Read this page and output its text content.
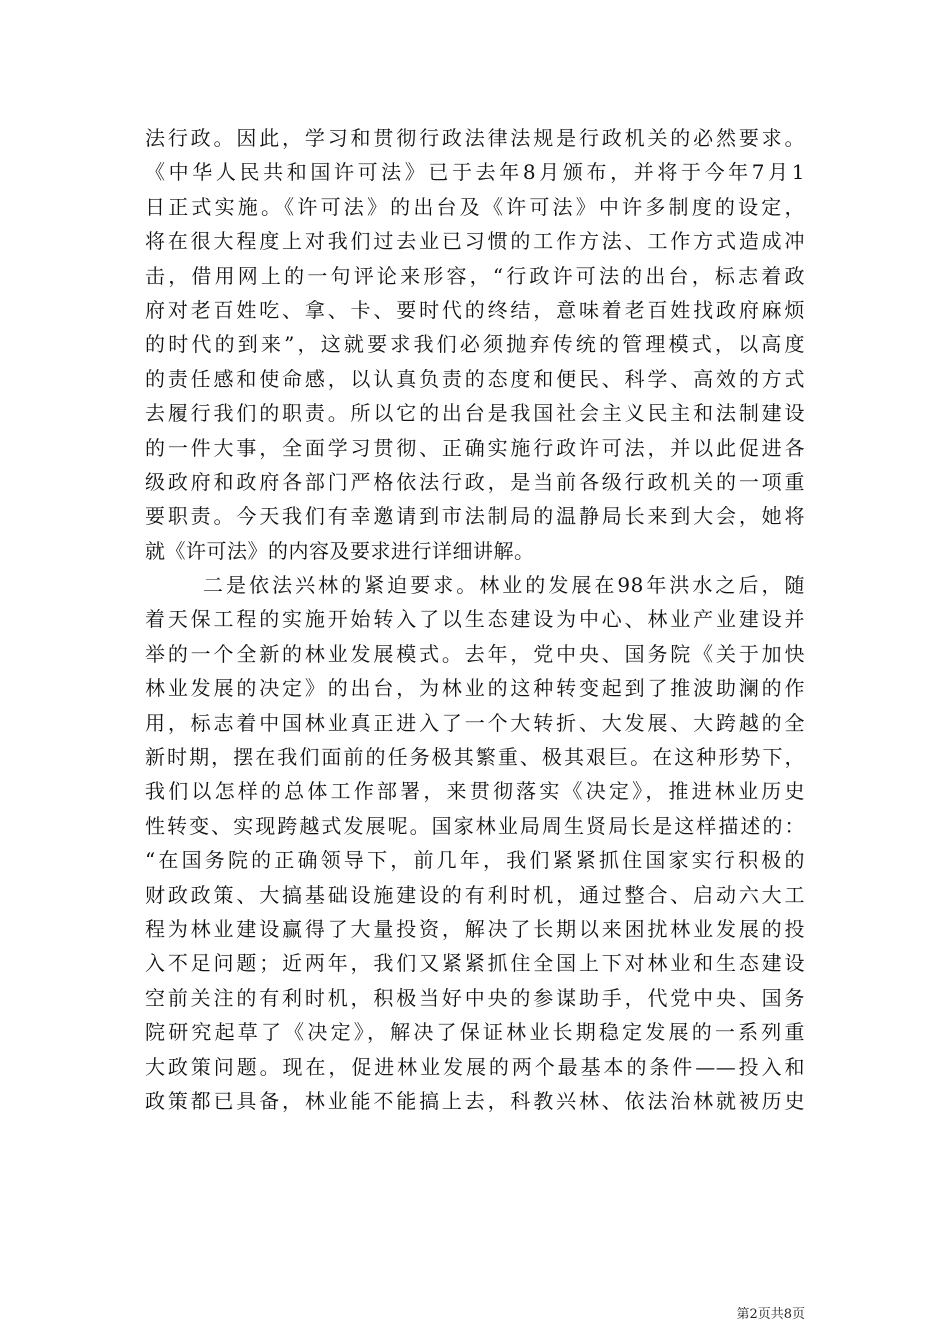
法行政。因此，学习和贯彻行政法律法规是行政机关的必然要求。
《中华人民共和国许可法》已于去年8月颁布，并将于今年7月1
日正式实施。《许可法》的出台及《许可法》中许多制度的设定，
将在很大程度上对我们过去业已习惯的工作方法、工作方式造成冲
击，借用网上的一句评论来形容，“行政许可法的出台，标志着政
府对老百姓吃、拿、卡、要时代的终结，意味着老百姓找政府麻烦
的时代的到来”，这就要求我们必须抛弃传统的管理模式，以高度
的责任感和使命感，以认真负责的态度和便民、科学、高效的方式
去履行我们的职责。所以它的出台是我国社会主义民主和法制建设
的一件大事，全面学习贯彻、正确实施行政许可法，并以此促进各
级政府和政府各部门严格依法行政，是当前各级行政机关的一项重
要职责。今天我们有幸邀请到市法制局的温静局长来到大会，她将
就《许可法》的内容及要求进行详细讲解。
二是依法兴林的紧迫要求。林业的发展在98年洪水之后，随
着天保工程的实施开始转入了以生态建设为中心、林业产业建设并
举的一个全新的林业发展模式。去年，党中央、国务院《关于加快
林业发展的决定》的出台，为林业的这种转变起到了推波助澜的作
用，标志着中国林业真正进入了一个大转折、大发展、大跨越的全
新时期，摆在我们面前的任务极其繁重、极其艰巨。在这种形势下，
我们以怎样的总体工作部署，来贯彻落实《决定》，推进林业历史
性转变、实现跨越式发展呢。国家林业局周生贤局长是这样描述的：
“在国务院的正确领导下，前几年，我们紧紧抓住国家实行积极的
财政政策、大搞基础设施建设的有利时机，通过整合、启动六大工
程为林业建设赢得了大量投资，解决了长期以来困扰林业发展的投
入不足问题；近两年，我们又紧紧抓住全国上下对林业和生态建设
空前关注的有利时机，积极当好中央的参谋助手，代党中央、国务
院研究起草了《决定》，解决了保证林业长期稳定发展的一系列重
大政策问题。现在，促进林业发展的两个最基本的条件——投入和
政策都已具备，林业能不能搞上去，科教兴林、依法治林就被历史
第2页共8页
